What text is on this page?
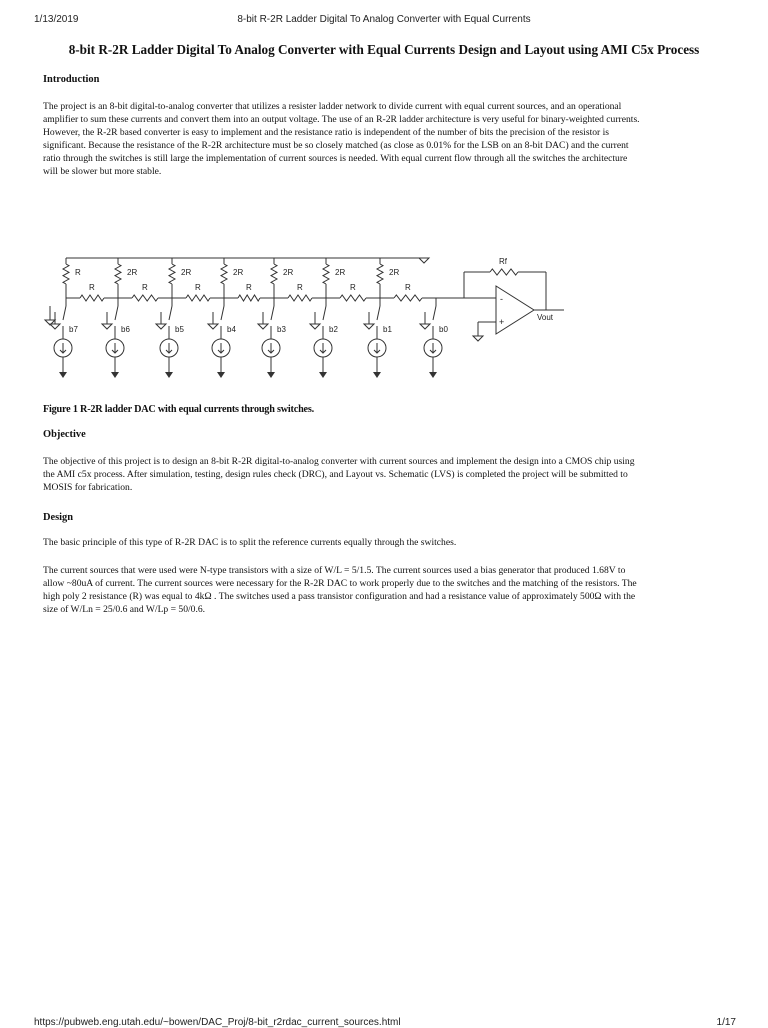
1/13/2019	8-bit R-2R Ladder Digital To Analog Converter with Equal Currents
8-bit R-2R Ladder Digital To Analog Converter with Equal Currents Design and Layout using AMI C5x Process
Introduction
The project is an 8-bit digital-to-analog converter that utilizes a resister ladder network to divide current with equal current sources, and an operational
amplifier to sum these currents and convert them into an output voltage. The use of an R-2R ladder architecture is very useful for binary-weighted currents.
However, the R-2R based converter is easy to implement and the resistance ratio is independent of the number of bits the precision of the resistor is
significant. Because the resistance of the R-2R architecture must be so closely matched (as close as 0.01% for the LSB on an 8-bit DAC) and the current
ratio through the switches is still large the implementation of current sources is needed. With equal current flow through all the switches the architecture
will be slower but more stable.
R	2R	2R	2R	2R	2R	2R
R	R	R	R	R	R	R
b7	b6	b5	b4	b3	b2	b1	b0
-
+
Rf
Vout
Figure 1 R-2R ladder DAC with equal currents through switches.
Objective
The objective of this project is to design an 8-bit R-2R digital-to-analog converter with current sources and implement the design into a CMOS chip using
the AMI c5x process. After simulation, testing, design rules check (DRC), and Layout vs. Schematic (LVS) is completed the project will be submitted to
MOSIS for fabrication.
Design
The basic principle of this type of R-2R DAC is to split the reference currents equally through the switches.
The current sources that were used were N-type transistors with a size of W/L = 5/1.5. The current sources used a bias generator that produced 1.68V to
allow ~80uA of current. The current sources were necessary for the R-2R DAC to work properly due to the switches and the matching of the resistors. The
high poly 2 resistance (R) was equal to 4kΩ . The switches used a pass transistor configuration and had a resistance value of approximately 500Ω with the
size of W/Ln = 25/0.6 and W/Lp = 50/0.6.
https://pubweb.eng.utah.edu/~bowen/DAC_Proj/8-bit_r2rdac_current_sources.html	1/17
